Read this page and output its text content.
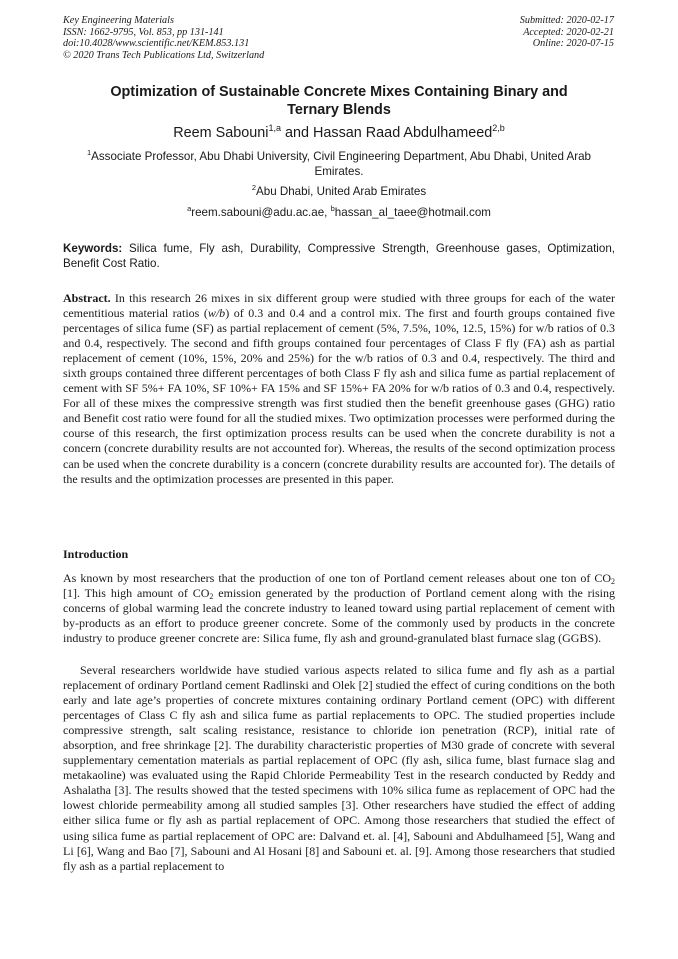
Key Engineering Materials
ISSN: 1662-9795, Vol. 853, pp 131-141
doi:10.4028/www.scientific.net/KEM.853.131
© 2020 Trans Tech Publications Ltd, Switzerland
Submitted: 2020-02-17
Accepted: 2020-02-21
Online: 2020-07-15
Optimization of Sustainable Concrete Mixes Containing Binary and
Ternary Blends
Reem Sabouni$^{1,a}$ and Hassan Raad Abdulhameed$^{2,b}$
$^1$Associate Professor, Abu Dhabi University, Civil Engineering Department, Abu Dhabi, United Arab Emirates.
$^2$Abu Dhabi, United Arab Emirates
$^a$reem.sabouni@adu.ac.ae, $^b$hassan_al_taee@hotmail.com
Keywords: Silica fume, Fly ash, Durability, Compressive Strength, Greenhouse gases, Optimization, Benefit Cost Ratio.
Abstract. In this research 26 mixes in six different group were studied with three groups for each of the water cementitious material ratios (w/b) of 0.3 and 0.4 and a control mix. The first and fourth groups contained five percentages of silica fume (SF) as partial replacement of cement (5%, 7.5%, 10%, 12.5, 15%) for w/b ratios of 0.3 and 0.4, respectively. The second and fifth groups contained four percentages of Class F fly (FA) ash as partial replacement of cement (10%, 15%, 20% and 25%) for the w/b ratios of 0.3 and 0.4, respectively. The third and sixth groups contained three different percentages of both Class F fly ash and silica fume as partial replacement of cement with SF 5%+ FA 10%, SF 10%+ FA 15% and SF 15%+ FA 20% for w/b ratios of 0.3 and 0.4, respectively. For all of these mixes the compressive strength was first studied then the benefit greenhouse gases (GHG) ratio and Benefit cost ratio were found for all the studied mixes. Two optimization processes were performed during the course of this research, the first optimization process results can be used when the concrete durability is not a concern (concrete durability results are not accounted for). Whereas, the results of the second optimization process can be used when the concrete durability is a concern (concrete durability results are accounted for). The details of the results and the optimization processes are presented in this paper.
Introduction
As known by most researchers that the production of one ton of Portland cement releases about one ton of $CO_2$ [1]. This high amount of $CO_2$ emission generated by the production of Portland cement along with the rising concerns of global warming lead the concrete industry to leaned toward using partial replacement of cement with by-products as an effort to produce greener concrete. Some of the commonly used by products in the concrete industry to produce greener concrete are: Silica fume, fly ash and ground-granulated blast furnace slag (GGBS).
Several researchers worldwide have studied various aspects related to silica fume and fly ash as a partial replacement of ordinary Portland cement Radlinski and Olek [2] studied the effect of curing conditions on the both early and late age’s properties of concrete mixtures containing ordinary Portland cement (OPC) with different percentages of Class C fly ash and silica fume as partial replacements to OPC. The studied properties include compressive strength, salt scaling resistance, resistance to chloride ion penetration (RCP), initial rate of absorption, and free shrinkage [2]. The durability characteristic properties of M30 grade of concrete with several supplementary cementation materials as partial replacement of OPC (fly ash, silica fume, blast furnace slag and metakaoline) was evaluated using the Rapid Chloride Permeability Test in the research conducted by Reddy and Ashalatha [3]. The results showed that the tested specimens with 10% silica fume as replacement of OPC had the lowest chloride permeability among all studied samples [3]. Other researchers have studied the effect of adding either silica fume or fly ash as partial replacement of OPC. Among those researchers that studied the effect of using silica fume as partial replacement of OPC are: Dalvand et. al. [4], Sabouni and Abdulhameed [5], Wang and Li [6], Wang and Bao [7], Sabouni and Al Hosani [8] and Sabouni et. al. [9]. Among those researchers that studied fly ash as a partial replacement to
